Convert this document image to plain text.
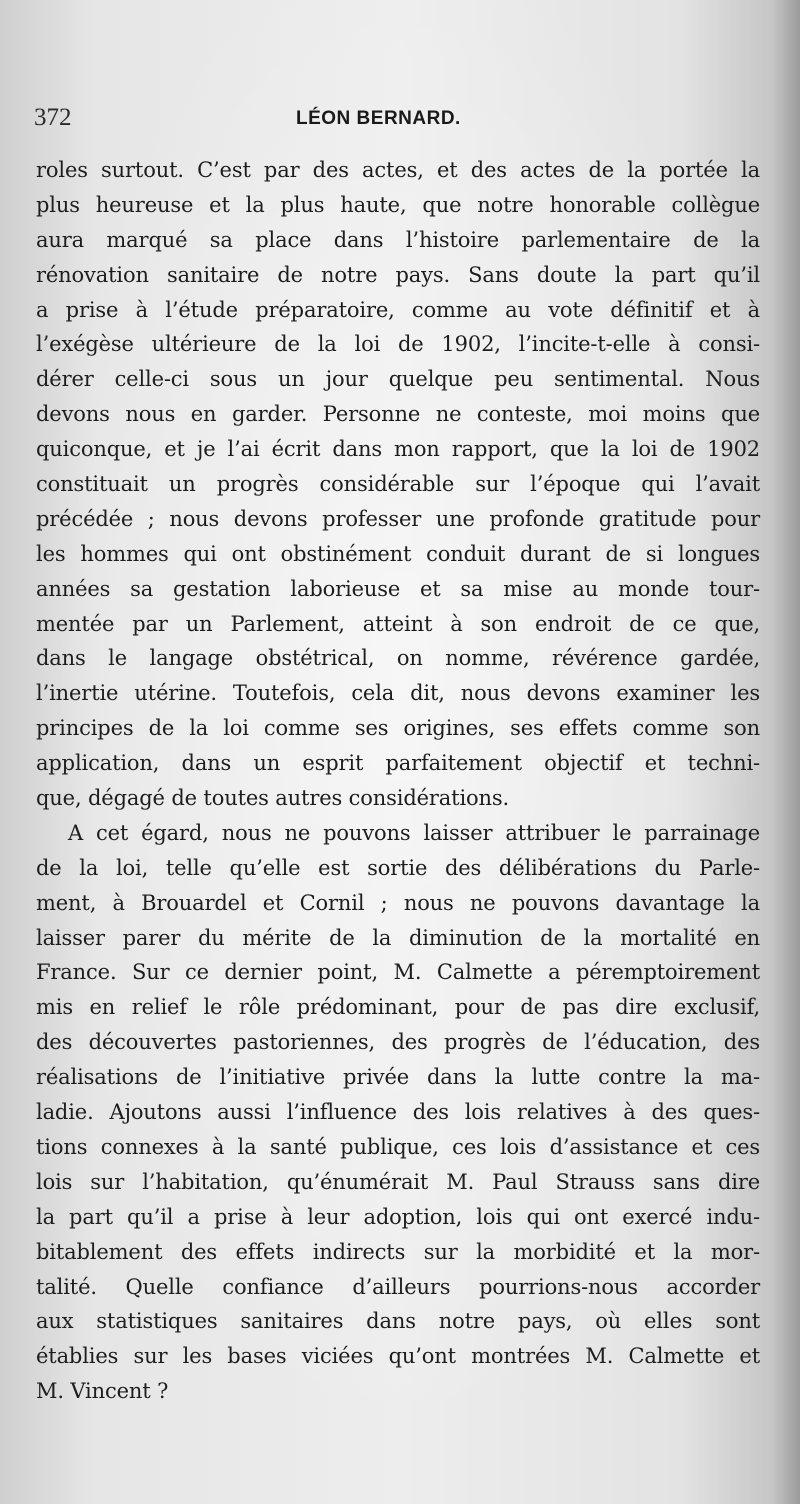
372	LÉON BERNARD.
roles surtout. C’est par des actes, et des actes de la portée la
plus heureuse et la plus haute, que notre honorable collègue
aura marqué sa place dans l’histoire parlementaire de la
rénovation sanitaire de notre pays. Sans doute la part qu’il
a prise à l’étude préparatoire, comme au vote définitif et à
l’exégèse ultérieure de la loi de 1902, l’incite-t-elle à consi-
dérer celle-ci sous un jour quelque peu sentimental. Nous
devons nous en garder. Personne ne conteste, moi moins que
quiconque, et je l’ai écrit dans mon rapport, que la loi de 1902
constituait un progrès considérable sur l’époque qui l’avait
précédée ; nous devons professer une profonde gratitude pour
les hommes qui ont obstinément conduit durant de si longues
années sa gestation laborieuse et sa mise au monde tour-
mentée par un Parlement, atteint à son endroit de ce que,
dans le langage obstétrical, on nomme, révérence gardée,
l’inertie utérine. Toutefois, cela dit, nous devons examiner les
principes de la loi comme ses origines, ses effets comme son
application, dans un esprit parfaitement objectif et techni-
que, dégagé de toutes autres considérations.
A cet égard, nous ne pouvons laisser attribuer le parrainage
de la loi, telle qu’elle est sortie des délibérations du Parle-
ment, à Brouardel et Cornil ; nous ne pouvons davantage la
laisser parer du mérite de la diminution de la mortalité en
France. Sur ce dernier point, M. Calmette a péremptoirement
mis en relief le rôle prédominant, pour de pas dire exclusif,
des découvertes pastoriennes, des progrès de l’éducation, des
réalisations de l’initiative privée dans la lutte contre la ma-
ladie. Ajoutons aussi l’influence des lois relatives à des ques-
tions connexes à la santé publique, ces lois d’assistance et ces
lois sur l’habitation, qu’énumérait M. Paul Strauss sans dire
la part qu’il a prise à leur adoption, lois qui ont exercé indu-
bitablement des effets indirects sur la morbidité et la mor-
talité. Quelle confiance d’ailleurs pourrions-nous accorder
aux statistiques sanitaires dans notre pays, où elles sont
établies sur les bases viciées qu’ont montrées M. Calmette et
M. Vincent ?
